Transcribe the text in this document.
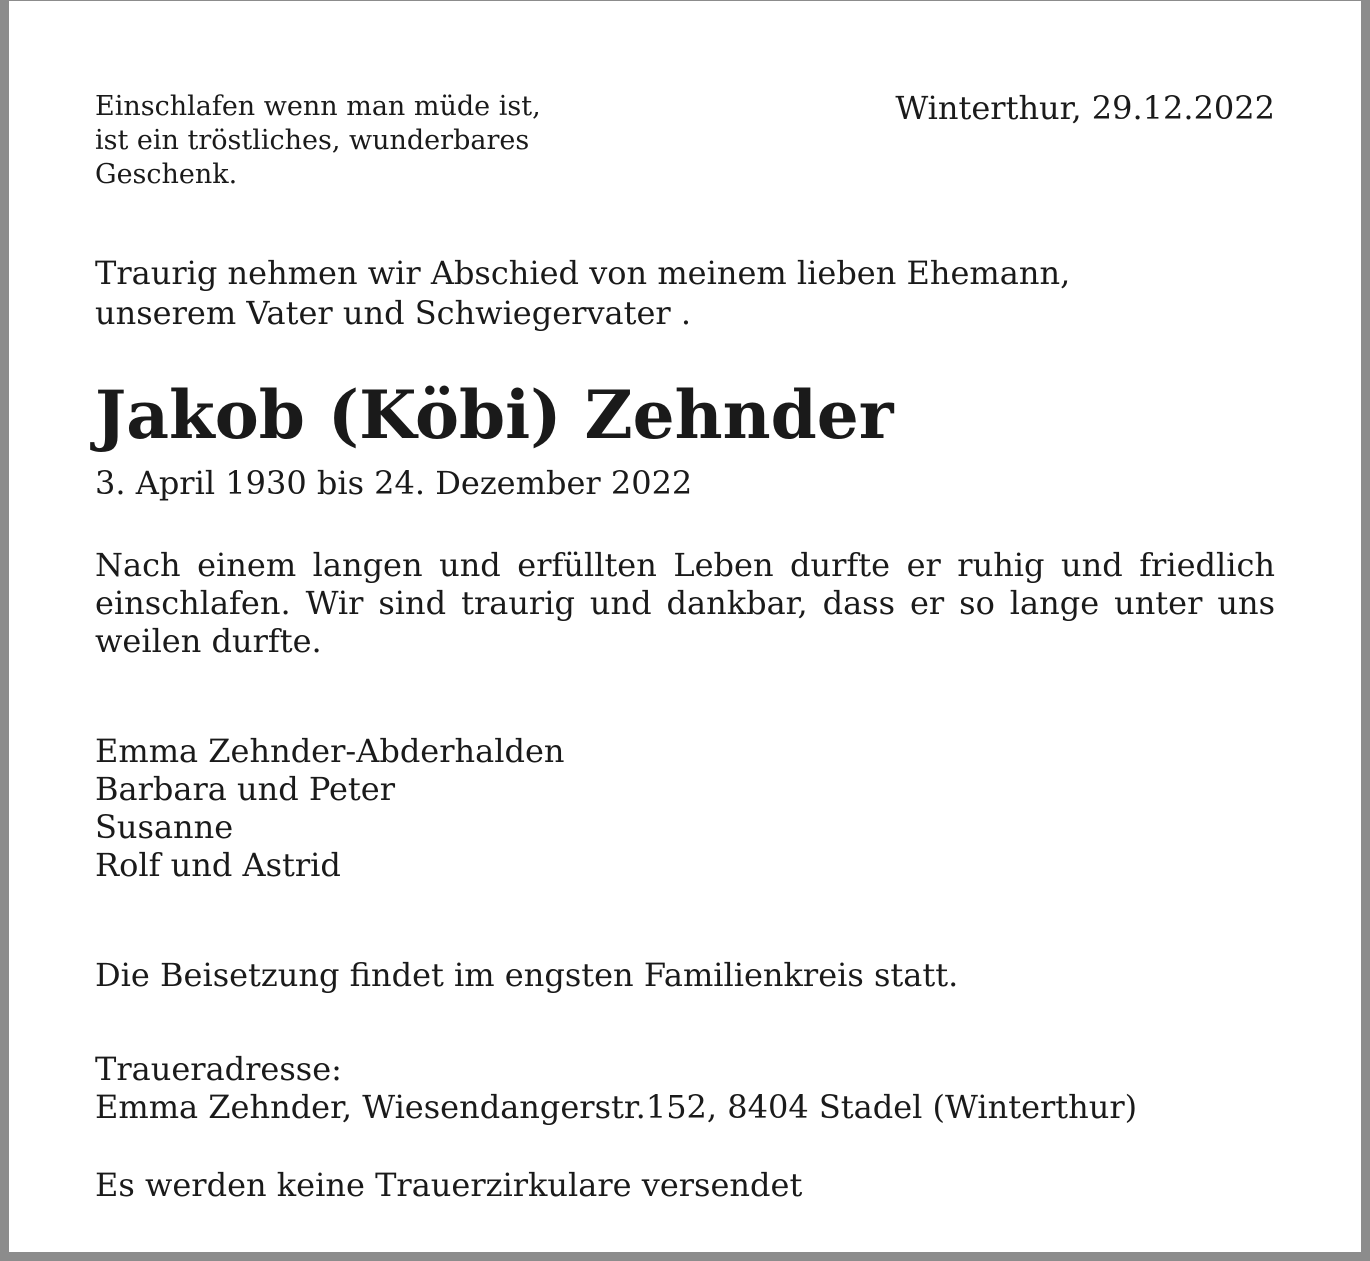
Einschlafen wenn man müde ist,
ist ein tröstliches, wunderbares
Geschenk.
Winterthur, 29.12.2022
Traurig nehmen wir Abschied von meinem lieben Ehemann,
unserem Vater und Schwiegervater .
Jakob (Köbi) Zehnder
3. April 1930 bis 24. Dezember 2022
Nach einem langen und erfüllten Leben durfte er ruhig und friedlich einschlafen. Wir sind traurig und dankbar, dass er so lange unter uns weilen durfte.
Emma Zehnder-Abderhalden
Barbara und Peter
Susanne
Rolf und Astrid
Die Beisetzung findet im engsten Familienkreis statt.
Traueradresse:
Emma Zehnder, Wiesendangerstr.152, 8404 Stadel (Winterthur)
Es werden keine Trauerzirkulare versendet
